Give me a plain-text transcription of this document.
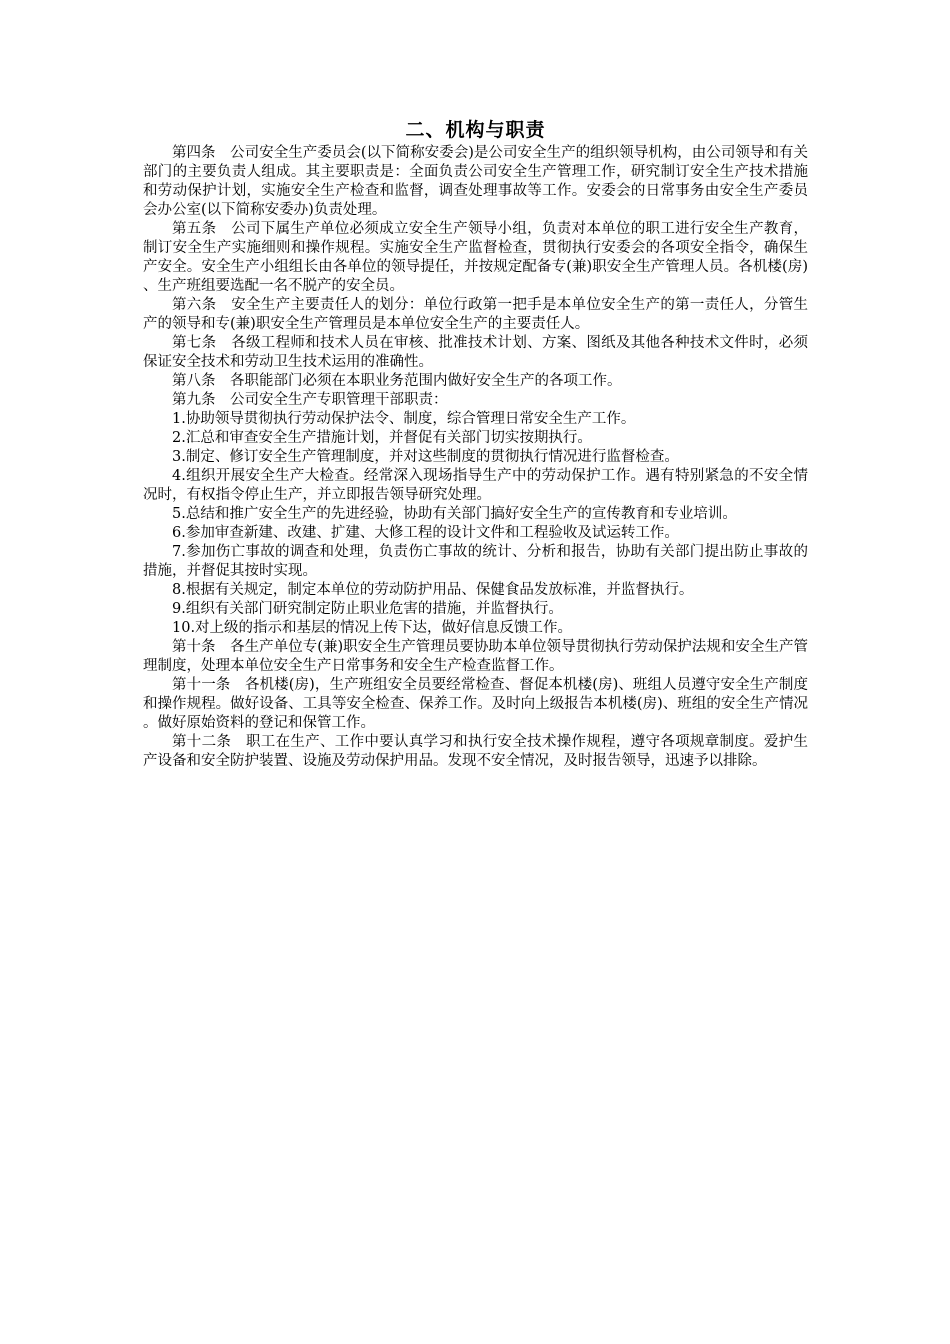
二、机构与职责

第四条　公司安全生产委员会(以下简称安委会)是公司安全生产的组织领导机构，由公司领导和有关部门的主要负责人组成。其主要职责是：全面负责公司安全生产管理工作，研究制订安全生产技术措施和劳动保护计划，实施安全生产检查和监督，调查处理事故等工作。安委会的日常事务由安全生产委员会办公室(以下简称安委办)负责处理。

第五条　公司下属生产单位必须成立安全生产领导小组，负责对本单位的职工进行安全生产教育，制订安全生产实施细则和操作规程。实施安全生产监督检查，贯彻执行安委会的各项安全指令，确保生产安全。安全生产小组组长由各单位的领导提任，并按规定配备专(兼)职安全生产管理人员。各机楼(房)、生产班组要选配一名不脱产的安全员。

第六条　安全生产主要责任人的划分：单位行政第一把手是本单位安全生产的第一责任人，分管生产的领导和专(兼)职安全生产管理员是本单位安全生产的主要责任人。

第七条　各级工程师和技术人员在审核、批准技术计划、方案、图纸及其他各种技术文件时，必须保证安全技术和劳动卫生技术运用的准确性。

第八条　各职能部门必须在本职业务范围内做好安全生产的各项工作。

第九条　公司安全生产专职管理干部职责：

1.协助领导贯彻执行劳动保护法令、制度，综合管理日常安全生产工作。

2.汇总和审查安全生产措施计划，并督促有关部门切实按期执行。

3.制定、修订安全生产管理制度，并对这些制度的贯彻执行情况进行监督检查。

4.组织开展安全生产大检查。经常深入现场指导生产中的劳动保护工作。遇有特别紧急的不安全情况时，有权指令停止生产，并立即报告领导研究处理。

5.总结和推广安全生产的先进经验，协助有关部门搞好安全生产的宣传教育和专业培训。

6.参加审查新建、改建、扩建、大修工程的设计文件和工程验收及试运转工作。

7.参加伤亡事故的调查和处理，负责伤亡事故的统计、分析和报告，协助有关部门提出防止事故的措施，并督促其按时实现。

8.根据有关规定，制定本单位的劳动防护用品、保健食品发放标准，并监督执行。

9.组织有关部门研究制定防止职业危害的措施，并监督执行。

10.对上级的指示和基层的情况上传下达，做好信息反馈工作。

第十条　各生产单位专(兼)职安全生产管理员要协助本单位领导贯彻执行劳动保护法规和安全生产管理制度，处理本单位安全生产日常事务和安全生产检查监督工作。

第十一条　各机楼(房)，生产班组安全员要经常检查、督促本机楼(房)、班组人员遵守安全生产制度和操作规程。做好设备、工具等安全检查、保养工作。及时向上级报告本机楼(房)、班组的安全生产情况。做好原始资料的登记和保管工作。

第十二条　职工在生产、工作中要认真学习和执行安全技术操作规程，遵守各项规章制度。爱护生产设备和安全防护装置、设施及劳动保护用品。发现不安全情况，及时报告领导，迅速予以排除。
